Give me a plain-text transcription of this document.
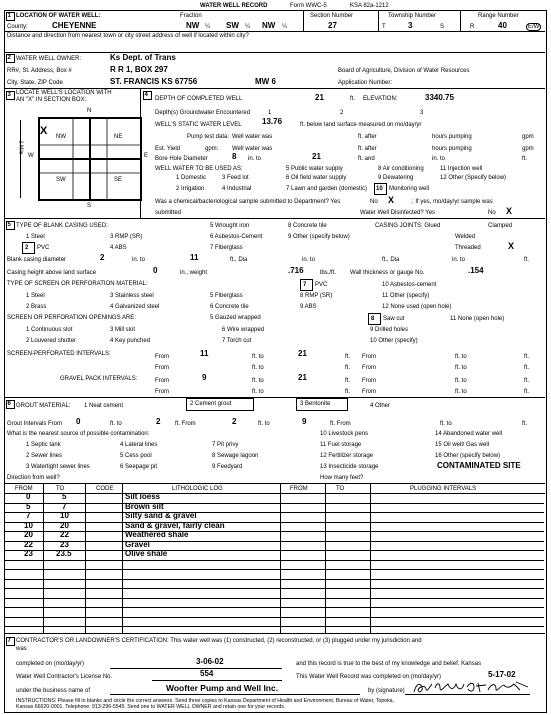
WATER WELL RECORD	Form WWC-5	KSA 82a-1212
1 LOCATION OF WATER WELL:
County:	CHEYENNE
Fraction
NW ¼ SW ¼ NW ¼
Section Number
27
Township Number
T	3	S
Range Number
R	40	E/W
Distance and direction from nearest town or city street address of well if located within city?
2 WATER WELL OWNER:	Ks Dept. of Trans
RR#, St. Address, Box #	R R 1, BOX 297	Board of Agriculture, Division of Water Resources
City, State, ZIP Code	ST. FRANCIS KS 67756	MW 6	Application Number:
3 LOCATE WELL'S LOCATION WITH
AN "X" IN SECTION BOX:
N
S
W	E
1 Mile
NW	NE
SW	SE
X
4
DEPTH OF COMPLETED WELL	21	ft. ELEVATION:	3340.75
Depth(s) Groundwater Encountered	1	2	3
WELL'S STATIC WATER LEVEL	13.76	ft. below land surface measured on mo/day/yr
Pump test data: Well water was	ft. after	hours pumping	gpm
Est. Yield	gpm: Well water was	ft. after	hours pumping	gpm
Bore Hole Diameter	8 in. to	21	ft. and	in. to	ft.
WELL WATER TO BE USED AS:	5 Public water supply	8 Air conditioning	11 Injection well
1 Domestic	3 Feed lot	6 Oil field water supply	9 Dewatering	12 Other (Specify below)
2 Irrigation	4 Industrial	7 Lawn and garden (domestic) 10 Monitoring well
Was a chemical/bacteriological sample submitted to Department? Yes	No X	; If yes, mo/day/yr sample was
submitted	Water Well Disinfected? Yes	No X
5 TYPE OF BLANK CASING USED:	5 Wrought iron	8 Concrete tile	CASING JOINTS: Glued	Clamped
1 Steel	3 RMP (SR)	6 Asbestos-Cement	9 Other (specify below)	Welded
2 PVC	4 ABS	7 Fiberglass	Threaded	X
Blank casing diameter	2	in. to	11	ft., Dia	in. to	ft., Dia	in. to	ft.
Casing height above land surface	0	in., weight	.716	lbs./ft. Wall thickness or gauge No.	.154
TYPE OF SCREEN OR PERFORATION MATERIAL:	7 PVC	10 Asbestos-cement
1 Steel	3 Stainless steel	5 Fiberglass	8 RMP (SR)	11 Other (specify)
2 Brass	4 Galvanized steel	6 Concrete tile	9 ABS	12 None used (open hole)
SCREEN OR PERFORATION OPENINGS ARE:	5 Gauzed wrapped	8 Saw cut	11 None (open hole)
1 Continuous slot	3 Mill slot	6 Wire wrapped	9 Drilled holes
2 Louvered shutter	4 Key punched	7 Torch cut	10 Other (specify)
SCREEN-PERFORATED INTERVALS:	From	11	ft. to	21	ft. From	ft. to	ft.
From	ft. to	ft. From	ft. to	ft.
GRAVEL PACK INTERVALS:	From	9	ft. to	21	ft. From	ft. to	ft.
From	ft. to	ft. From	ft. to	ft.
6 GROUT MATERIAL: 1 Neat cement	2 Cement grout	3 Bentonite	4 Other
Grout Intervals From 0	ft. to	2 ft. From	2	ft. to	9	ft. From	ft. to	ft.
What is the nearest source of possible contamination:	10 Livestock pens	14 Abandoned water well
1 Septic tank	4 Lateral lines	7 Pit privy	11 Fuel storage	15 Oil well/ Gas well
2 Sewer lines	5 Cess pool	8 Sewage lagoon	12 Fertilizer storage	16 Other (specify below)
3 Watertight sewer lines	6 Seepage pit	9 Feedyard	13 Insecticide storage	CONTAMINATED SITE
Direction from well?	How many feet?
FROM	TO	CODE	LITHOLOGIC LOG	FROM	TO	PLUGGING INTERVALS
0	5	Silt loess
5	7	Brown silt
7	10	Silty sand & gravel
10	20	Sand & gravel, fairly clean
20	22	Weathered shale
22	23	Gravel
23	23.5	Olive shale
7 CONTRACTOR'S OR LANDOWNER'S CERTIFICATION: This water well was (1) constructed, (2) reconstructed, or (3) plugged under my jurisdiction and
was
completed on (mo/day/yr)	3-06-02	and this record is true to the best of my knowledge and belief. Kansas
Water Well Contractor's License No.	554	This Water Well Record was completed on (mo/day/yr)	5-17-02
under the business name of	Woofter Pump and Well Inc.	by (signature)
INSTRUCTIONS: Please fill in blanks and circle the correct answers. Send three copies to Kansas Department of Health and Environment, Bureau of Water, Topeka,
Kansas 66620-0001. Telephone: 913-296-5545. Send one to WATER WELL OWNER and retain one for your records.
